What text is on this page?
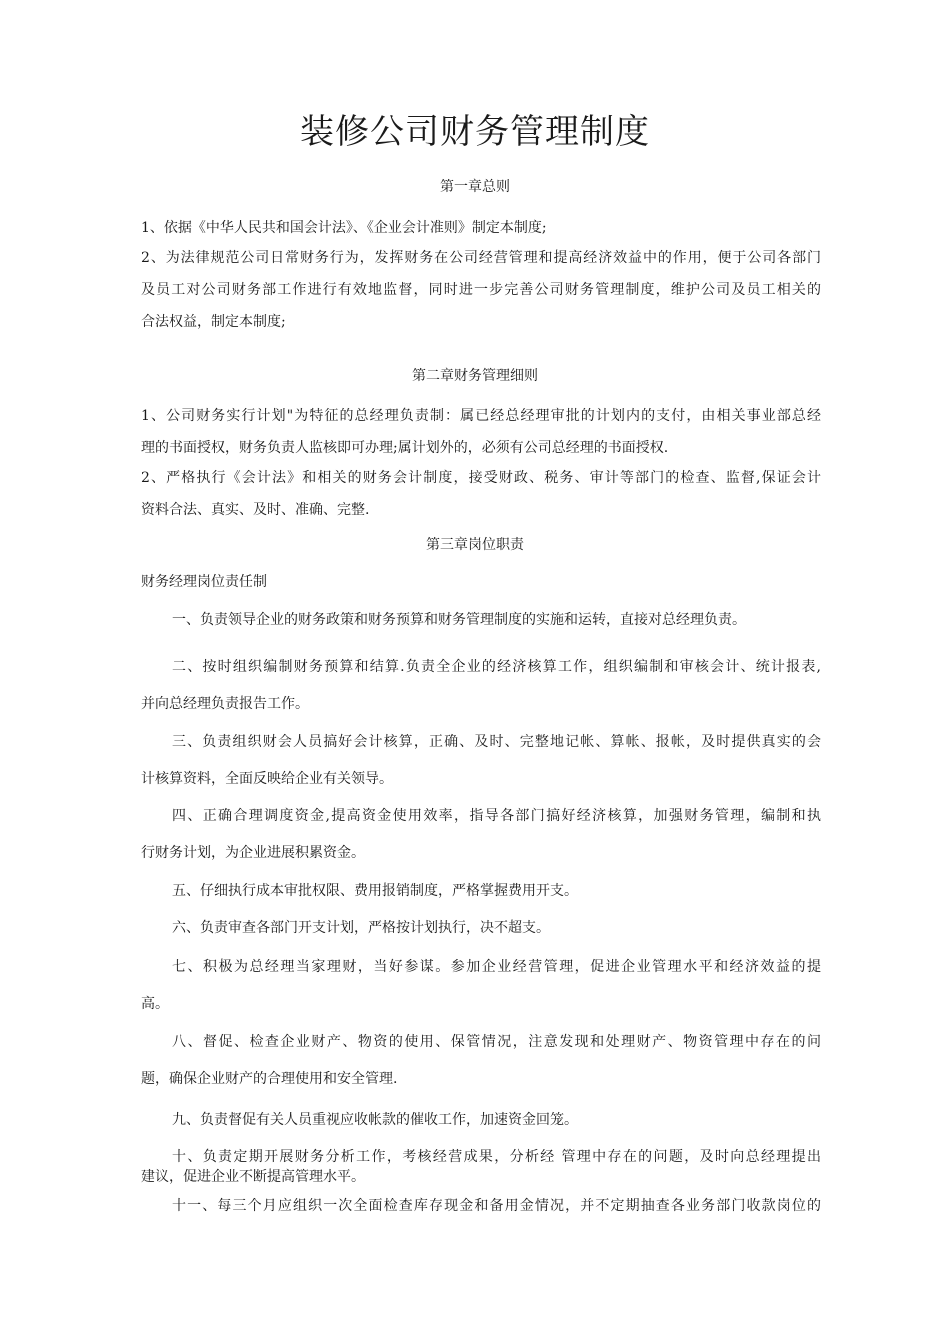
装修公司财务管理制度
第一章总则
1、依据《中华人民共和国会计法》、《企业会计准则》制定本制度;
2、为法律规范公司日常财务行为，发挥财务在公司经营管理和提高经济效益中的作用，便于公司各部门
及员工对公司财务部工作进行有效地监督，同时进一步完善公司财务管理制度，维护公司及员工相关的
合法权益，制定本制度;
第二章财务管理细则
1、公司财务实行计划"为特征的总经理负责制：属已经总经理审批的计划内的支付，由相关事业部总经
理的书面授权，财务负责人监核即可办理;属计划外的，必须有公司总经理的书面授权.
2、严格执行《会计法》和相关的财务会计制度，接受财政、税务、审计等部门的检查、监督,保证会计
资料合法、真实、及时、准确、完整.
第三章岗位职责
财务经理岗位责任制
一、负责领导企业的财务政策和财务预算和财务管理制度的实施和运转，直接对总经理负责。
二、按时组织编制财务预算和结算.负责全企业的经济核算工作，组织编制和审核会计、统计报表,
并向总经理负责报告工作。
三、负责组织财会人员搞好会计核算，正确、及时、完整地记帐、算帐、报帐，及时提供真实的会
计核算资料，全面反映给企业有关领导。
四、正确合理调度资金,提高资金使用效率，指导各部门搞好经济核算，加强财务管理，编制和执
行财务计划，为企业进展积累资金。
五、仔细执行成本审批权限、费用报销制度，严格掌握费用开支。
六、负责审查各部门开支计划，严格按计划执行，决不超支。
七、积极为总经理当家理财，当好参谋。参加企业经营管理，促进企业管理水平和经济效益的提
高。
八、督促、检查企业财产、物资的使用、保管情况，注意发现和处理财产、物资管理中存在的问
题，确保企业财产的合理使用和安全管理.
九、负责督促有关人员重视应收帐款的催收工作，加速资金回笼。
十、负责定期开展财务分析工作，考核经营成果，分析经 管理中存在的问题，及时向总经理提出
建议，促进企业不断提高管理水平。
十一、每三个月应组织一次全面检查库存现金和备用金情况，并不定期抽查各业务部门收款岗位的
